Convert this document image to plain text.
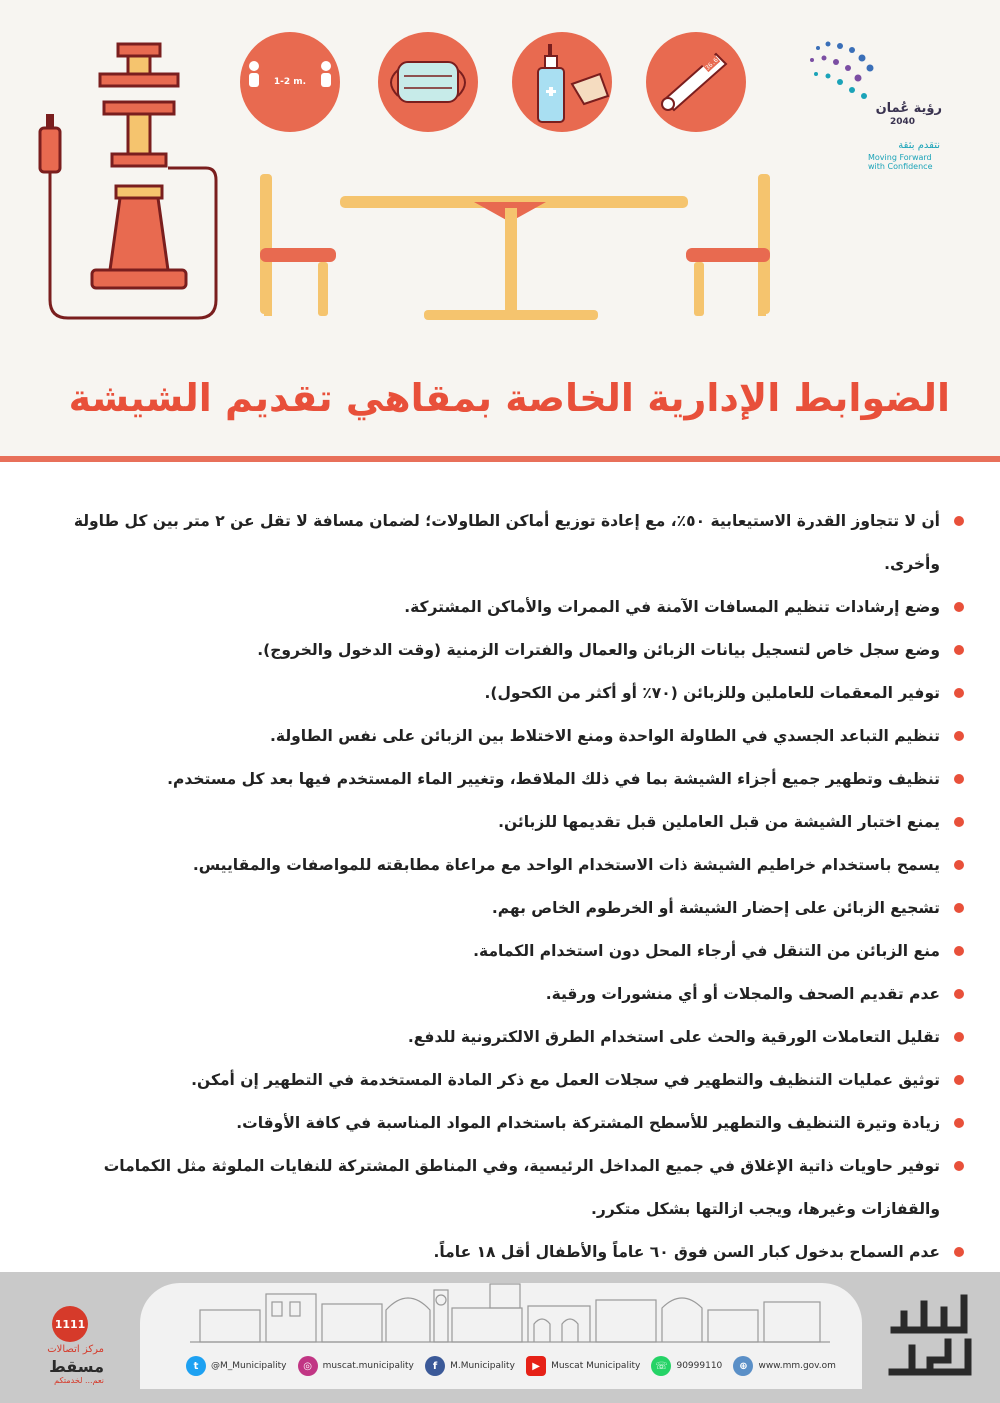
1-2 m.
36.6
رؤية عُمان
2040
نتقدم بثقة
Moving Forward
with Confidence
الضوابط الإدارية الخاصة بمقاهي تقديم الشيشة
أن لا تتجاوز القدرة الاستيعابية ٥٠٪، مع إعادة توزيع أماكن الطاولات؛ لضمان مسافة لا تقل عن ٢ متر بين كل طاولة وأخرى.
وضع إرشادات تنظيم المسافات الآمنة في الممرات والأماكن المشتركة.
وضع سجل خاص لتسجيل بيانات الزبائن والعمال والفترات الزمنية (وقت الدخول والخروج).
توفير المعقمات للعاملين وللزبائن (٧٠٪ أو أكثر من الكحول).
تنظيم التباعد الجسدي في الطاولة الواحدة ومنع الاختلاط بين الزبائن على نفس الطاولة.
تنظيف وتطهير جميع أجزاء الشيشة بما في ذلك الملاقط، وتغيير الماء المستخدم فيها بعد كل مستخدم.
يمنع اختبار الشيشة من قبل العاملين قبل تقديمها للزبائن.
يسمح باستخدام خراطيم الشيشة ذات الاستخدام الواحد مع مراعاة مطابقته للمواصفات والمقاييس.
تشجيع الزبائن على إحضار الشيشة أو الخرطوم الخاص بهم.
منع الزبائن من التنقل في أرجاء المحل دون استخدام الكمامة.
عدم تقديم الصحف والمجلات أو أي منشورات ورقية.
تقليل التعاملات الورقية والحث على استخدام الطرق الالكترونية للدفع.
توثيق عمليات التنظيف والتطهير في سجلات العمل مع ذكر المادة المستخدمة في التطهير إن أمكن.
زيادة وتيرة التنظيف والتطهير للأسطح المشتركة باستخدام المواد المناسبة في كافة الأوقات.
توفير حاويات ذاتية الإغلاق في جميع المداخل الرئيسية، وفي المناطق المشتركة للنفايات الملوثة مثل الكمامات والقفازات وغيرها، ويجب ازالتها بشكل متكرر.
عدم السماح بدخول كبار السن فوق ٦٠ عاماً والأطفال أقل ١٨ عاماً.
t	@M_Municipality	◎	muscat.municipality	f	M.Municipality	▶	Muscat Municipality	☏ 90999110	⊕	www.mm.gov.om
1111
مركز اتصالات
مسقط
نعم... لخدمتكم
